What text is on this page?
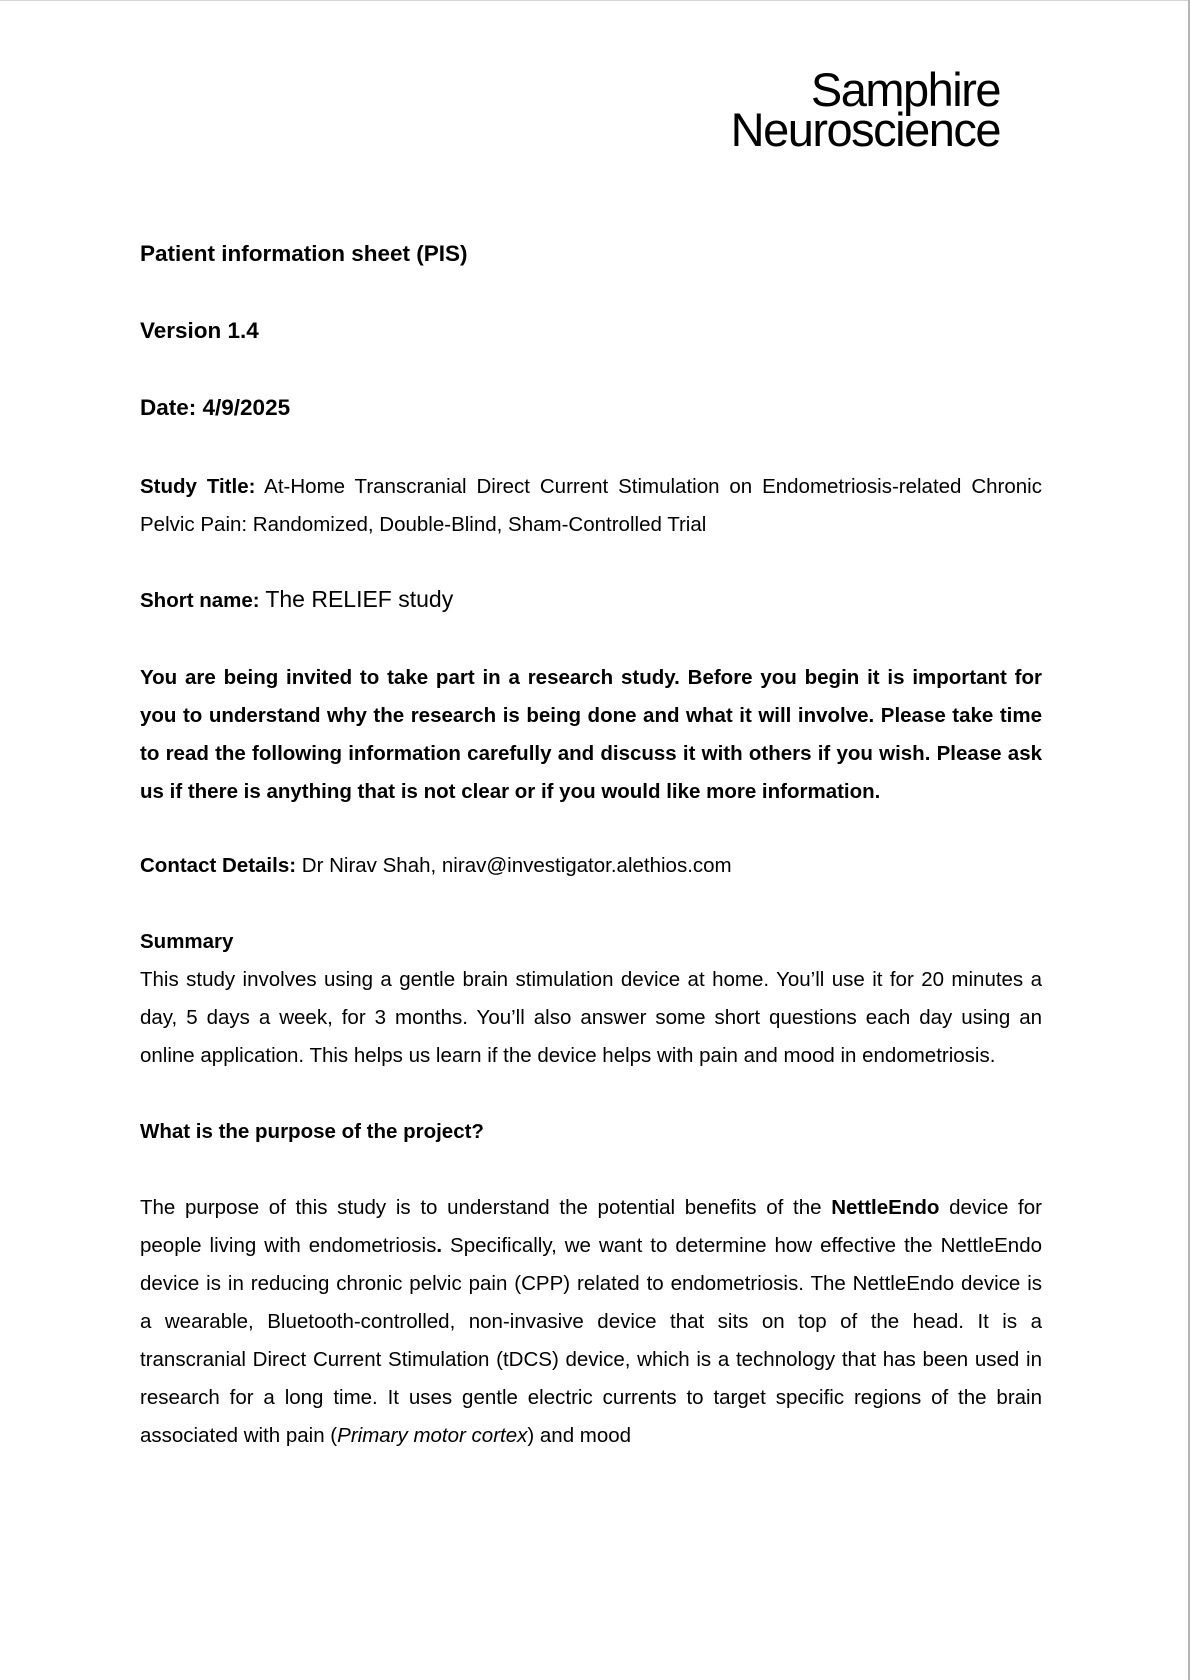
Samphire
Neuroscience

Patient information sheet (PIS)

Version 1.4

Date: 4/9/2025

Study Title: At-Home Transcranial Direct Current Stimulation on Endometriosis-related Chronic Pelvic Pain: Randomized, Double-Blind, Sham-Controlled Trial

Short name: The RELIEF study

You are being invited to take part in a research study. Before you begin it is important for you to understand why the research is being done and what it will involve. Please take time to read the following information carefully and discuss it with others if you wish. Please ask us if there is anything that is not clear or if you would like more information.

Contact Details: Dr Nirav Shah, nirav@investigator.alethios.com

Summary

This study involves using a gentle brain stimulation device at home. You’ll use it for 20 minutes a day, 5 days a week, for 3 months. You’ll also answer some short questions each day using an online application. This helps us learn if the device helps with pain and mood in endometriosis.

What is the purpose of the project?

The purpose of this study is to understand the potential benefits of the NettleEndo device for people living with endometriosis. Specifically, we want to determine how effective the NettleEndo device is in reducing chronic pelvic pain (CPP) related to endometriosis. The NettleEndo device is a wearable, Bluetooth-controlled, non-invasive device that sits on top of the head. It is a transcranial Direct Current Stimulation (tDCS) device, which is a technology that has been used in research for a long time. It uses gentle electric currents to target specific regions of the brain associated with pain (Primary motor cortex) and mood
